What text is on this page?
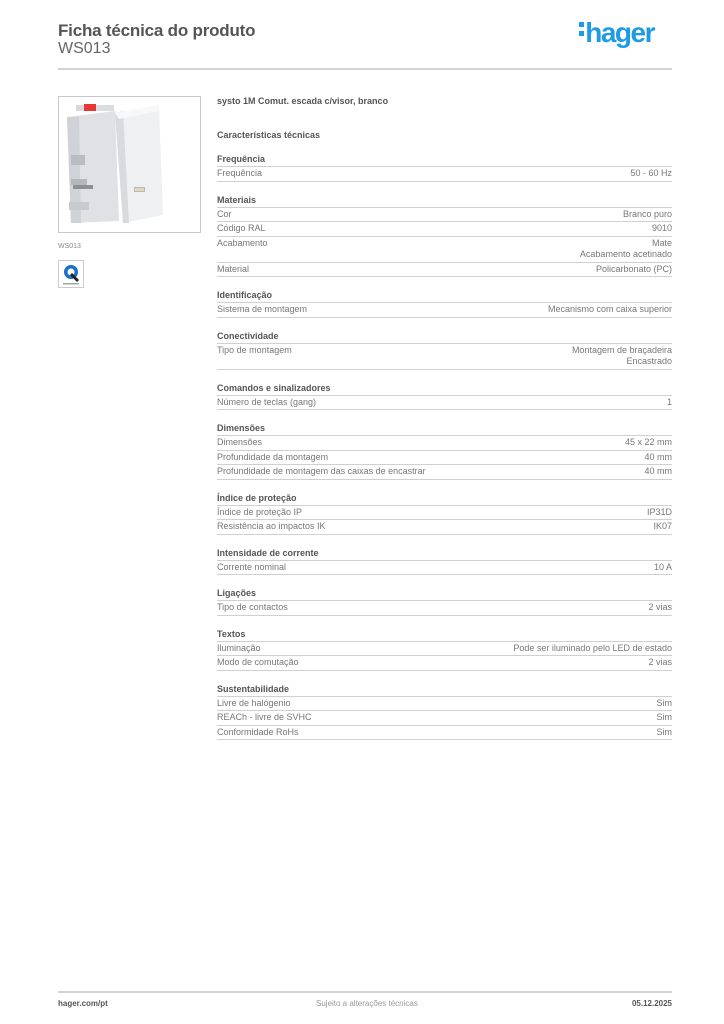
Ficha técnica do produto
WS013
hager
WS013
systo 1M Comut. escada c/visor, branco
Características técnicas
Frequência
Frequência	50 - 60 Hz
Materiais
Cor	Branco puro
Código RAL	9010
Acabamento	Mate
Acabamento acetinado
Material	Policarbonato (PC)
Identificação
Sistema de montagem	Mecanismo com caixa superior
Conectividade
Tipo de montagem	Montagem de braçadeira
Encastrado
Comandos e sinalizadores
Número de teclas (gang)	1
Dimensões
Dimensões	45 x 22 mm
Profundidade da montagem	40 mm
Profundidade de montagem das caixas de encastrar	40 mm
Índice de proteção
Índice de proteção IP	IP31D
Resistência ao impactos IK	IK07
Intensidade de corrente
Corrente nominal	10 A
Ligações
Tipo de contactos	2 vias
Textos
Iluminação	Pode ser iluminado pelo LED de estado
Modo de comutação	2 vias
Sustentabilidade
Livre de halógenio	Sim
REACh - livre de SVHC	Sim
Conformidade RoHs	Sim
hager.com/pt	Sujeito a alterações técnicas	05.12.2025
